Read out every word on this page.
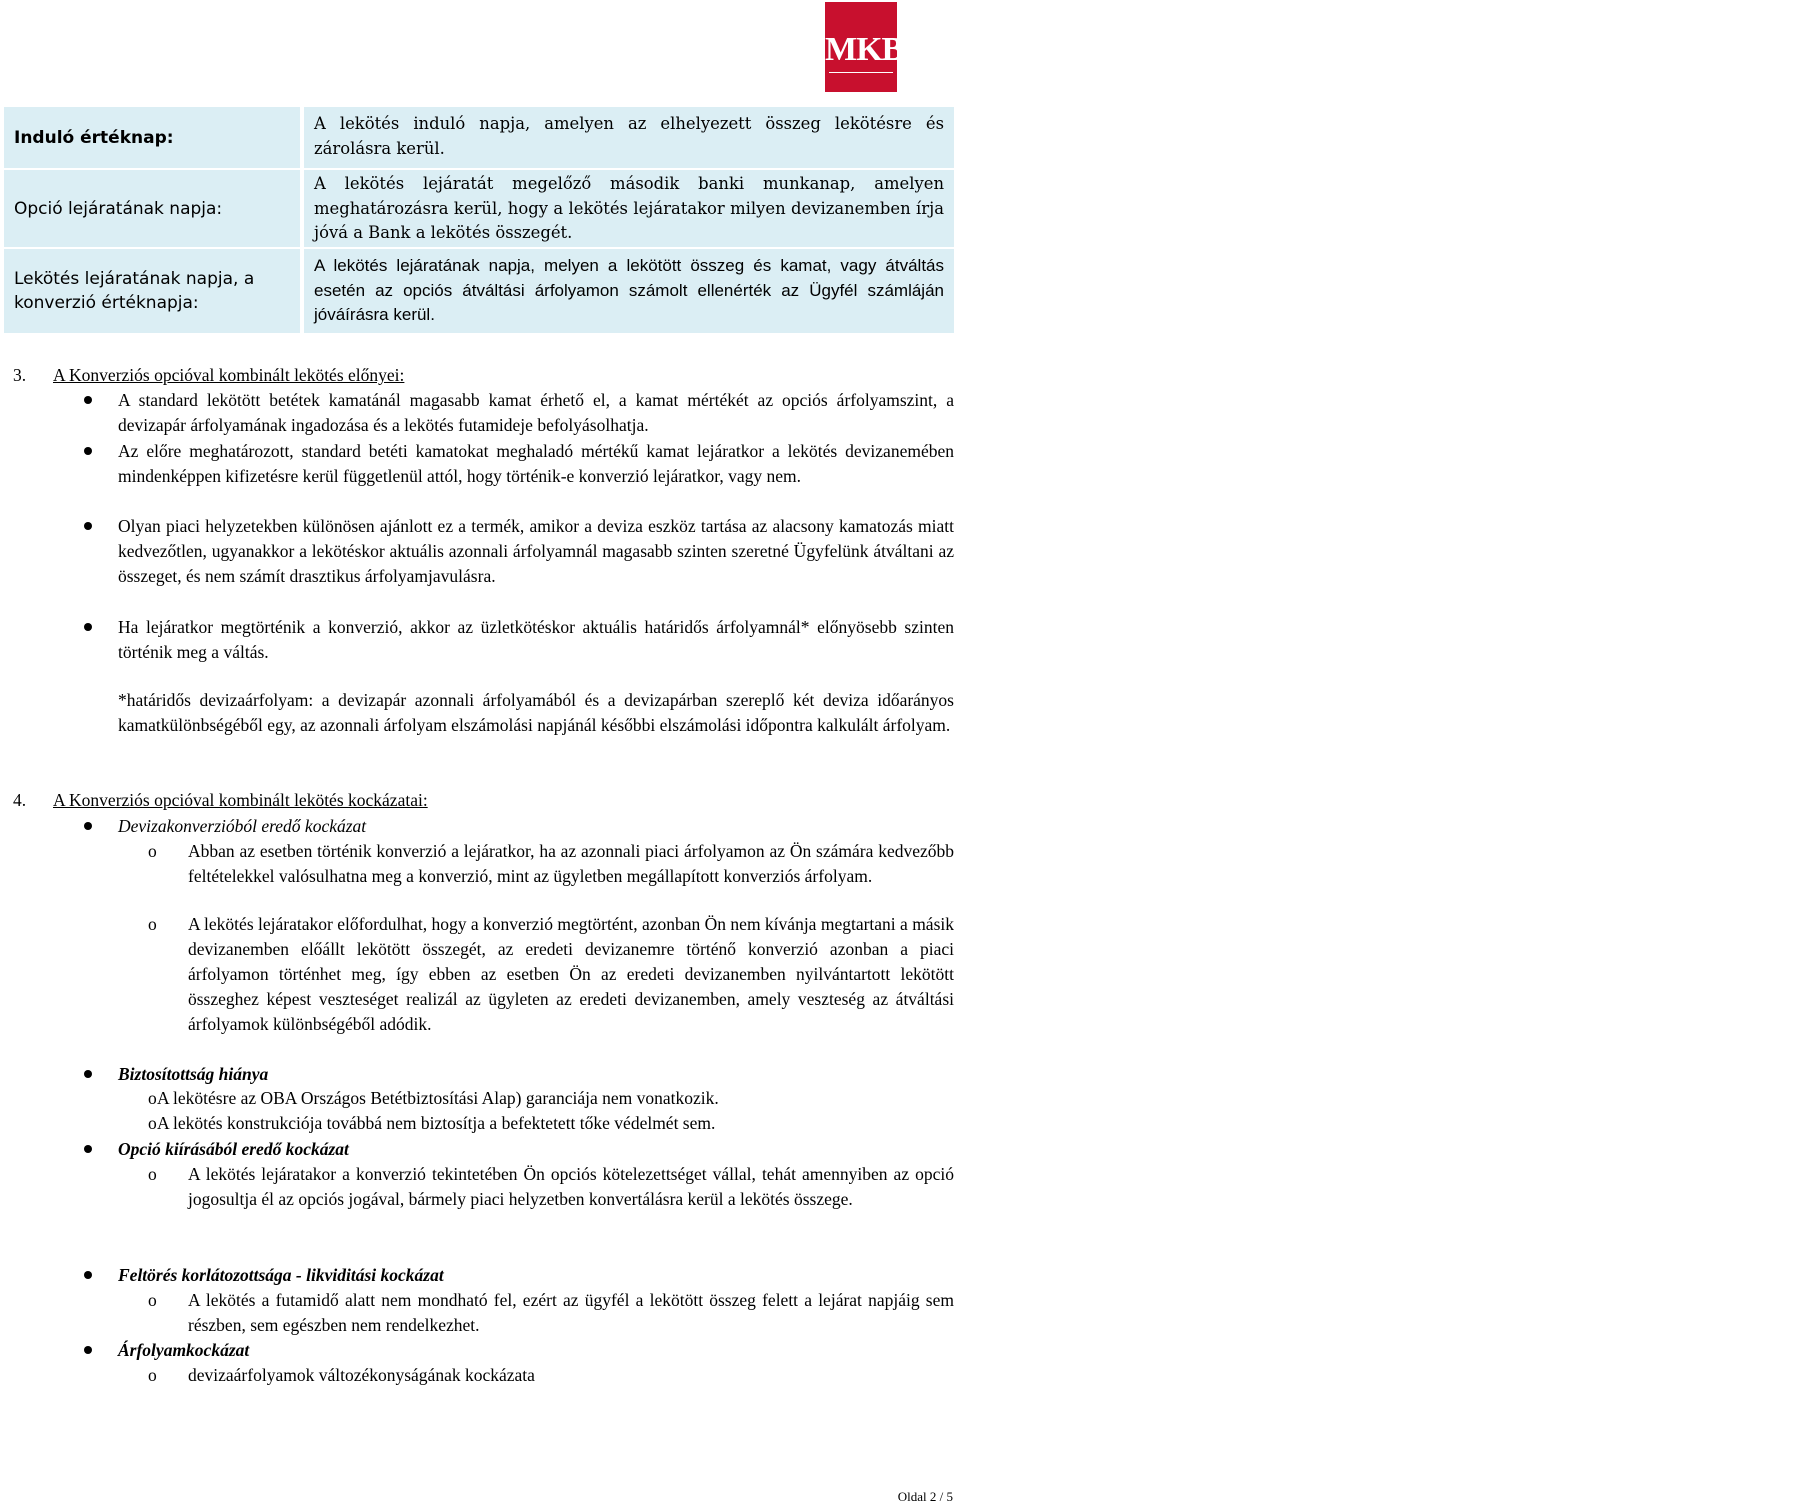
MKB
BANK
Induló értéknap:
A lekötés induló napja, amelyen az elhelyezett összeg lekötésre és zárolásra kerül.
Opció lejáratának napja:
A lekötés lejáratát megelőző második banki munkanap, amelyen meghatározásra kerül, hogy a lekötés lejáratakor milyen devizanemben írja jóvá a Bank a lekötés összegét.
Lekötés lejáratának napja, a konverzió értéknapja:
A lekötés lejáratának napja, melyen a lekötött összeg és kamat, vagy átváltás esetén az opciós átváltási árfolyamon számolt ellenérték az Ügyfél számláján jóváírásra kerül.
3. A Konverziós opcióval kombinált lekötés előnyei:
A standard lekötött betétek kamatánál magasabb kamat érhető el, a kamat mértékét az opciós árfolyamszint, a devizapár árfolyamának ingadozása és a lekötés futamideje befolyásolhatja.
Az előre meghatározott, standard betéti kamatokat meghaladó mértékű kamat lejáratkor a lekötés devizanemében mindenképpen kifizetésre kerül függetlenül attól, hogy történik-e konverzió lejáratkor, vagy nem.
Olyan piaci helyzetekben különösen ajánlott ez a termék, amikor a deviza eszköz tartása az alacsony kamatozás miatt kedvezőtlen, ugyanakkor a lekötéskor aktuális azonnali árfolyamnál magasabb szinten szeretné Ügyfelünk átváltani az összeget, és nem számít drasztikus árfolyamjavulásra.
Ha lejáratkor megtörténik a konverzió, akkor az üzletkötéskor aktuális határidős árfolyamnál* előnyösebb szinten történik meg a váltás.
*határidős devizaárfolyam: a devizapár azonnali árfolyamából és a devizapárban szereplő két deviza időarányos kamatkülönbségéből egy, az azonnali árfolyam elszámolási napjánál későbbi elszámolási időpontra kalkulált árfolyam.
4. A Konverziós opcióval kombinált lekötés kockázatai:
Devizakonverzióból eredő kockázat
o Abban az esetben történik konverzió a lejáratkor, ha az azonnali piaci árfolyamon az Ön számára kedvezőbb feltételekkel valósulhatna meg a konverzió, mint az ügyletben megállapított konverziós árfolyam.
o A lekötés lejáratakor előfordulhat, hogy a konverzió megtörtént, azonban Ön nem kívánja megtartani a másik devizanemben előállt lekötött összegét, az eredeti devizanemre történő konverzió azonban a piaci árfolyamon történhet meg, így ebben az esetben Ön az eredeti devizanemben nyilvántartott lekötött összeghez képest veszteséget realizál az ügyleten az eredeti devizanemben, amely veszteség az átváltási árfolyamok különbségéből adódik.
Biztosítottság hiánya
o A lekötésre az OBA Országos Betétbiztosítási Alap) garanciája nem vonatkozik.
o A lekötés konstrukciója továbbá nem biztosítja a befektetett tőke védelmét sem.
Opció kiírásából eredő kockázat
o A lekötés lejáratakor a konverzió tekintetében Ön opciós kötelezettséget vállal, tehát amennyiben az opció jogosultja él az opciós jogával, bármely piaci helyzetben konvertálásra kerül a lekötés összege.
Feltörés korlátozottsága - likviditási kockázat
o A lekötés a futamidő alatt nem mondható fel, ezért az ügyfél a lekötött összeg felett a lejárat napjáig sem részben, sem egészben nem rendelkezhet.
Árfolyamkockázat
o devizaárfolyamok változékonyságának kockázata
Oldal 2 / 5
